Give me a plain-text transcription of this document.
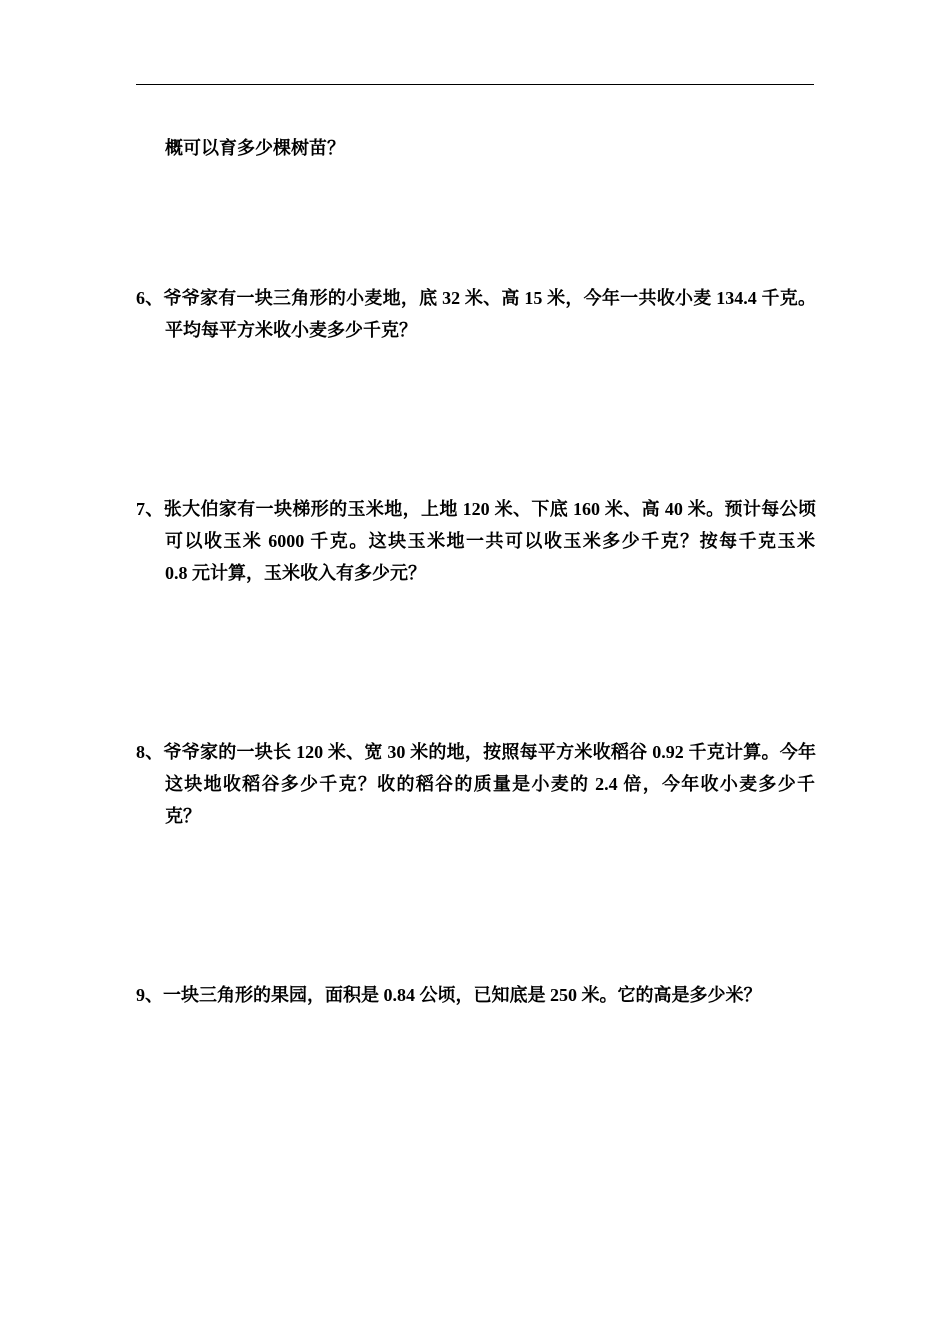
概可以育多少棵树苗？
6、爷爷家有一块三角形的小麦地，底 32 米、高 15 米，今年一共收小麦 134.4 千克。
平均每平方米收小麦多少千克？
7、张大伯家有一块梯形的玉米地，上地 120 米、下底 160 米、高 40 米。预计每公顷
可以收玉米 6000 千克。这块玉米地一共可以收玉米多少千克？按每千克玉米
0.8 元计算，玉米收入有多少元？
8、爷爷家的一块长 120 米、宽 30 米的地，按照每平方米收稻谷 0.92 千克计算。今年
这块地收稻谷多少千克？收的稻谷的质量是小麦的 2.4 倍，今年收小麦多少千
克？
9、一块三角形的果园，面积是 0.84 公顷，已知底是 250 米。它的高是多少米？
